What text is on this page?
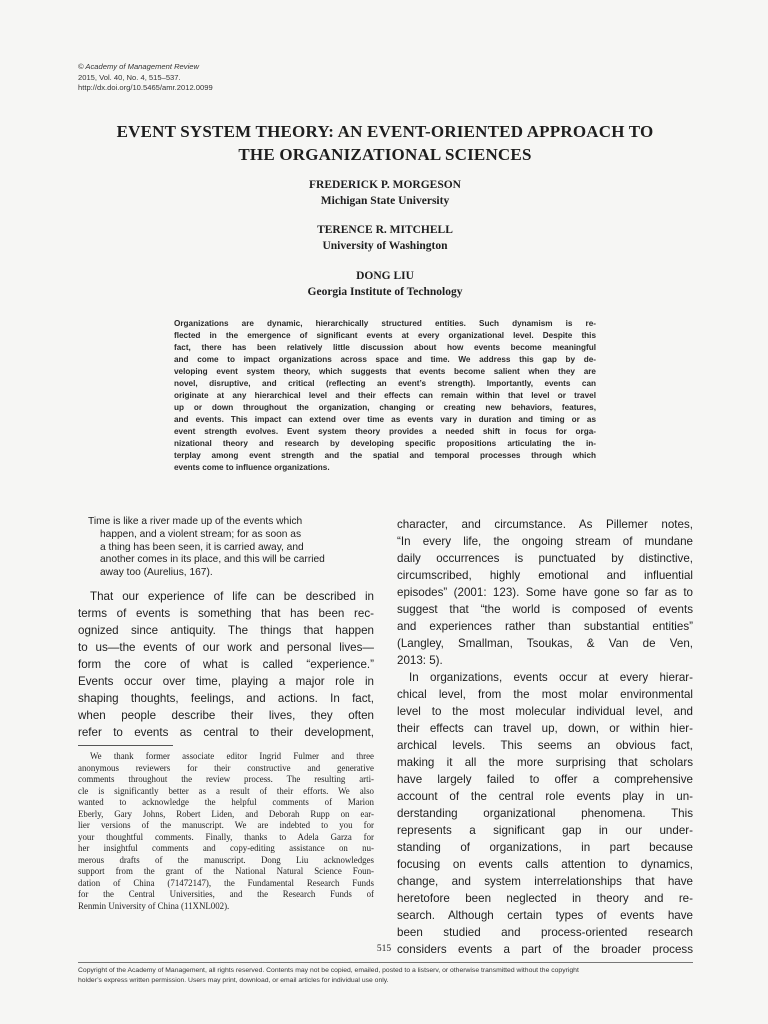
© Academy of Management Review
2015, Vol. 40, No. 4, 515–537.
http://dx.doi.org/10.5465/amr.2012.0099
EVENT SYSTEM THEORY: AN EVENT-ORIENTED APPROACH TO
THE ORGANIZATIONAL SCIENCES
FREDERICK P. MORGESON
Michigan State University
TERENCE R. MITCHELL
University of Washington
DONG LIU
Georgia Institute of Technology
Organizations are dynamic, hierarchically structured entities. Such dynamism is re-
flected in the emergence of significant events at every organizational level. Despite this
fact, there has been relatively little discussion about how events become meaningful
and come to impact organizations across space and time. We address this gap by de-
veloping event system theory, which suggests that events become salient when they are
novel, disruptive, and critical (reflecting an event’s strength). Importantly, events can
originate at any hierarchical level and their effects can remain within that level or travel
up or down throughout the organization, changing or creating new behaviors, features,
and events. This impact can extend over time as events vary in duration and timing or as
event strength evolves. Event system theory provides a needed shift in focus for orga-
nizational theory and research by developing specific propositions articulating the in-
terplay among event strength and the spatial and temporal processes through which
events come to influence organizations.
Time is like a river made up of the events which
happen, and a violent stream; for as soon as
a thing has been seen, it is carried away, and
another comes in its place, and this will be carried
away too (Aurelius, 167).
That our experience of life can be described in
terms of events is something that has been rec-
ognized since antiquity. The things that happen
to us—the events of our work and personal lives—
form the core of what is called “experience.”
Events occur over time, playing a major role in
shaping thoughts, feelings, and actions. In fact,
when people describe their lives, they often
refer to events as central to their development,
We thank former associate editor Ingrid Fulmer and three
anonymous reviewers for their constructive and generative
comments throughout the review process. The resulting arti-
cle is significantly better as a result of their efforts. We also
wanted to acknowledge the helpful comments of Marion
Eberly, Gary Johns, Robert Liden, and Deborah Rupp on ear-
lier versions of the manuscript. We are indebted to you for
your thoughtful comments. Finally, thanks to Adela Garza for
her insightful comments and copy-editing assistance on nu-
merous drafts of the manuscript. Dong Liu acknowledges
support from the grant of the National Natural Science Foun-
dation of China (71472147), the Fundamental Research Funds
for the Central Universities, and the Research Funds of
Renmin University of China (11XNL002).
character, and circumstance. As Pillemer notes,
“In every life, the ongoing stream of mundane
daily occurrences is punctuated by distinctive,
circumscribed, highly emotional and influential
episodes” (2001: 123). Some have gone so far as to
suggest that “the world is composed of events
and experiences rather than substantial entities”
(Langley, Smallman, Tsoukas, & Van de Ven,
2013: 5).
In organizations, events occur at every hierar-
chical level, from the most molar environmental
level to the most molecular individual level, and
their effects can travel up, down, or within hier-
archical levels. This seems an obvious fact,
making it all the more surprising that scholars
have largely failed to offer a comprehensive
account of the central role events play in un-
derstanding organizational phenomena. This
represents a significant gap in our under-
standing of organizations, in part because
focusing on events calls attention to dynamics,
change, and system interrelationships that have
heretofore been neglected in theory and re-
search. Although certain types of events have
been studied and process-oriented research
considers events a part of the broader process
515
Copyright of the Academy of Management, all rights reserved. Contents may not be copied, emailed, posted to a listserv, or otherwise transmitted without the copyright
holder’s express written permission. Users may print, download, or email articles for individual use only.
